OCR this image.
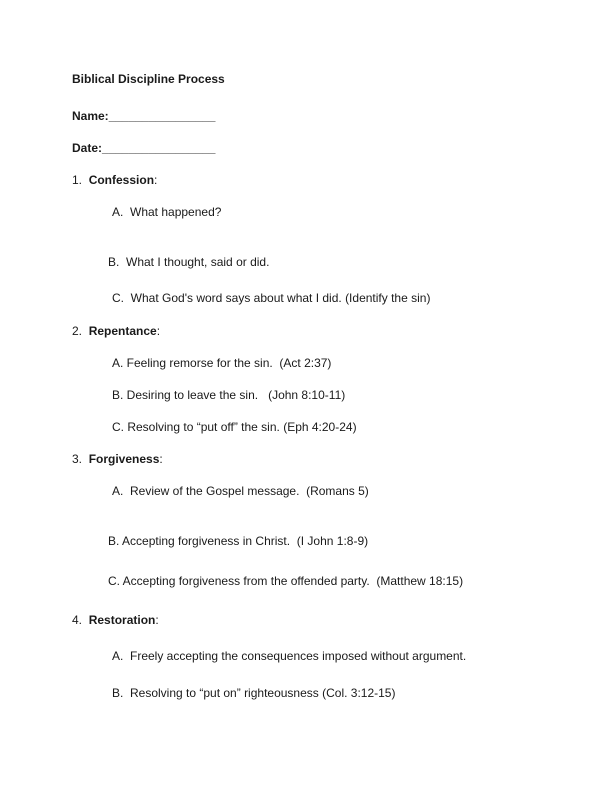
Biblical Discipline Process
Name:________________
Date:_________________
1. Confession:
A.  What happened?
B.  What I thought, said or did.
C.  What God's word says about what I did. (Identify the sin)
2. Repentance:
A. Feeling remorse for the sin.  (Act 2:37)
B. Desiring to leave the sin.   (John 8:10-11)
C. Resolving to “put off” the sin. (Eph 4:20-24)
3. Forgiveness:
A.  Review of the Gospel message.  (Romans 5)
B. Accepting forgiveness in Christ.  (I John 1:8-9)
C. Accepting forgiveness from the offended party.  (Matthew 18:15)
4. Restoration:
A.  Freely accepting the consequences imposed without argument.
B.  Resolving to “put on” righteousness (Col. 3:12-15)
